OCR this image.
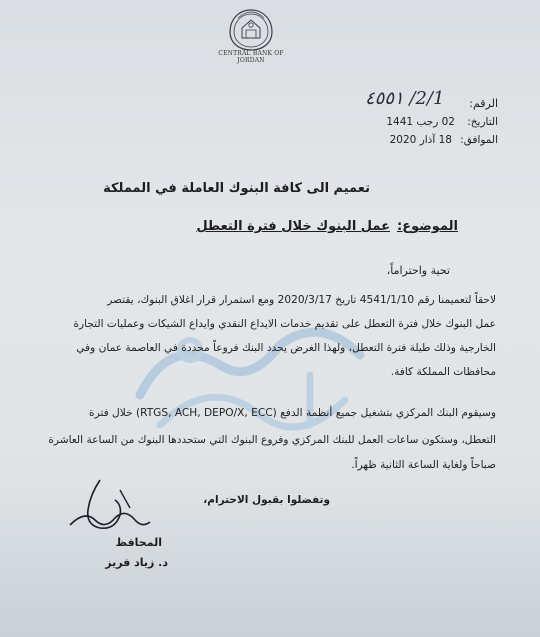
CENTRAL BANK OF JORDAN
الرقم:
٤٥٥١ /2/1
التاريخ:
02 رجب 1441
الموافق:
18 آذار 2020
تعميم الى كافة البنوك العاملة في المملكة
الموضوع:
عمل البنوك خلال فترة التعطل
تحية واحتراماً،

لاحقاً لتعميمنا رقم 4541/1/10 تاريخ 2020/3/17 ومع استمرار قرار اغلاق البنوك، يقتصر

عمل البنوك خلال فترة التعطل على تقديم خدمات الايداع النقدي وايداع الشيكات وعمليات التجارة

الخارجية وذلك طيلة فترة التعطل، ولهذا الغرض يحدد البنك فروعاً محددة في العاصمة عمان وفي

محافظات المملكة كافة.

وسيقوم البنك المركزي بتشغيل جميع أنظمة الدفع (RTGS, ACH, DEPO/X, ECC) خلال فترة

التعطل، وستكون ساعات العمل للبنك المركزي وفروع البنوك التي ستحددها البنوك من الساعة العاشرة

صباحاً ولغاية الساعة الثانية ظهراً.

وتفضلوا بقبول الاحترام،
المحافظ
د. زياد فريز
